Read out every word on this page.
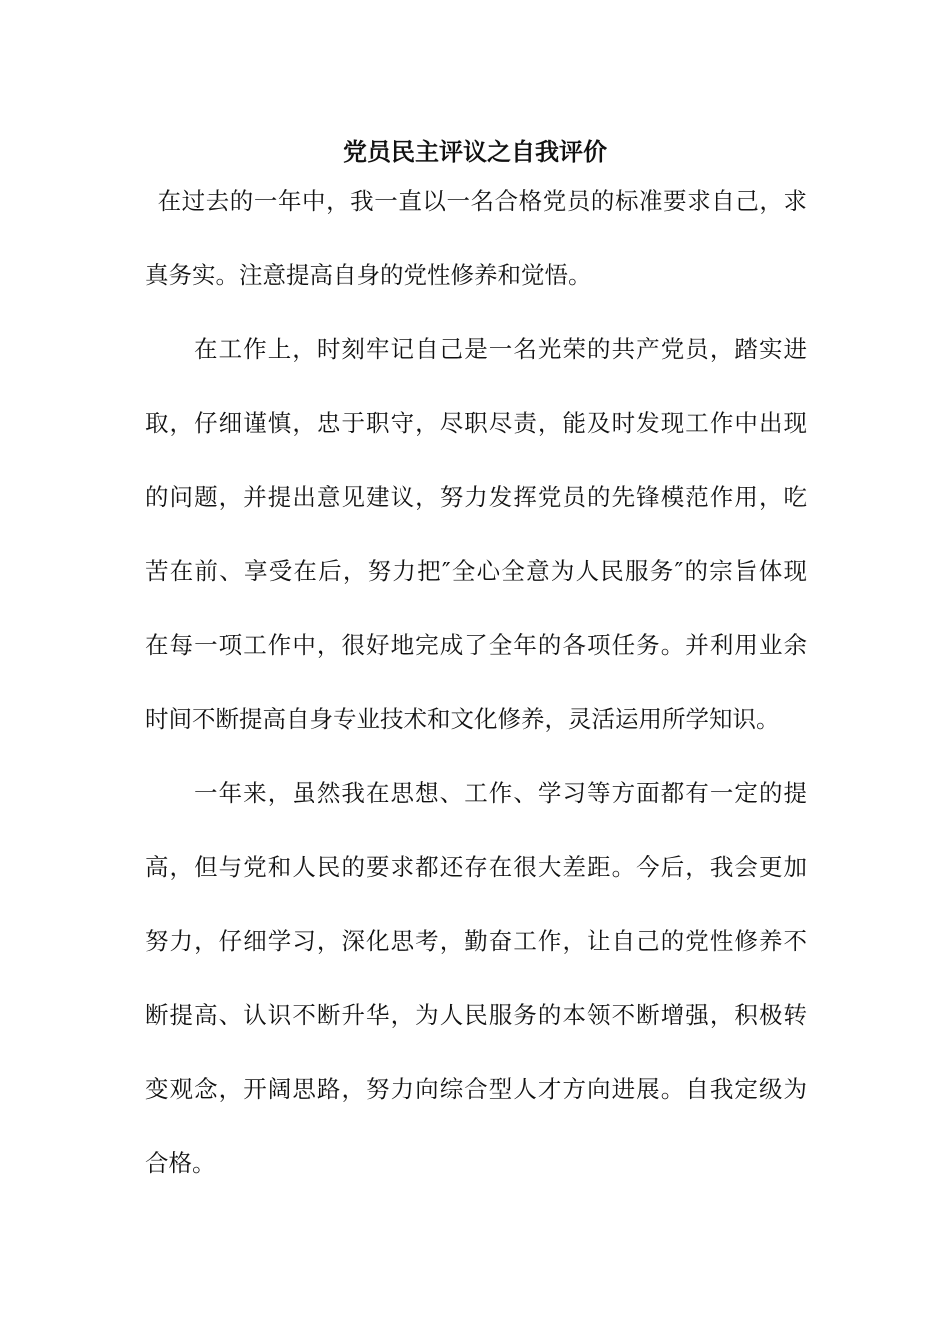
党员民主评议之自我评价
在过去的一年中，我一直以一名合格党员的标准要求自己，求
真务实。注意提高自身的党性修养和觉悟。
在工作上，时刻牢记自己是一名光荣的共产党员，踏实进
取，仔细谨慎，忠于职守，尽职尽责，能及时发现工作中出现
的问题，并提出意见建议，努力发挥党员的先锋模范作用，吃
苦在前、享受在后，努力把″全心全意为人民服务″的宗旨体现
在每一项工作中，很好地完成了全年的各项任务。并利用业余
时间不断提高自身专业技术和文化修养，灵活运用所学知识。
一年来，虽然我在思想、工作、学习等方面都有一定的提
高，但与党和人民的要求都还存在很大差距。今后，我会更加
努力，仔细学习，深化思考，勤奋工作，让自己的党性修养不
断提高、认识不断升华，为人民服务的本领不断增强，积极转
变观念，开阔思路，努力向综合型人才方向进展。自我定级为
合格。
